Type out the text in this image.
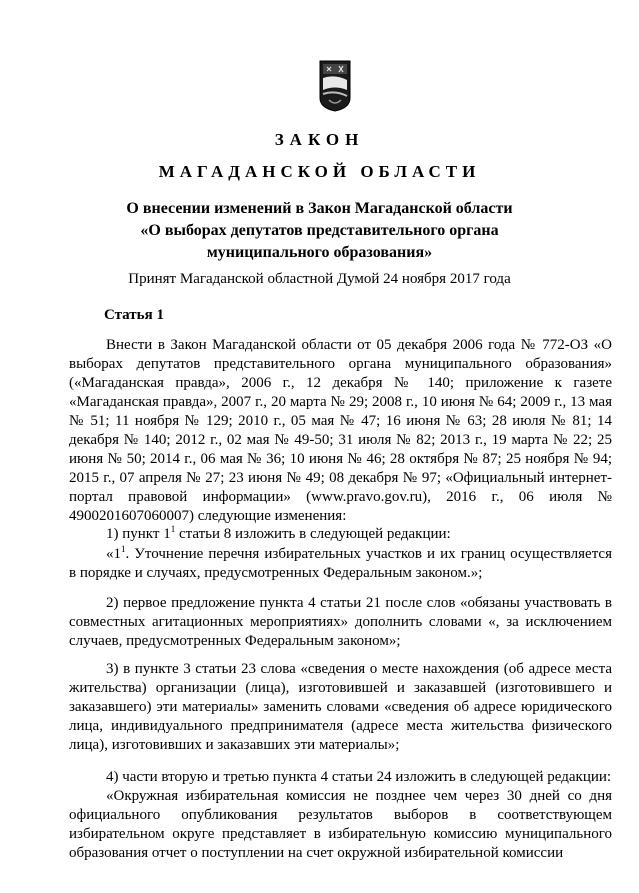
ЗАКОН

МАГАДАНСКОЙ ОБЛАСТИ

О внесении изменений в Закон Магаданской области
«О выборах депутатов представительного органа
муниципального образования»

Принят Магаданской областной Думой 24 ноября 2017 года

Статья 1

Внести в Закон Магаданской области от 05 декабря 2006 года № 772-ОЗ «О выборах депутатов представительного органа муниципального образования» («Магаданская правда», 2006 г., 12 декабря № 140; приложение к газете «Магаданская правда», 2007 г., 20 марта № 29; 2008 г., 10 июня № 64; 2009 г., 13 мая № 51; 11 ноября № 129; 2010 г., 05 мая № 47; 16 июня № 63; 28 июля № 81; 14 декабря № 140; 2012 г., 02 мая № 49-50; 31 июля № 82; 2013 г., 19 марта № 22; 25 июня № 50; 2014 г., 06 мая № 36; 10 июня № 46; 28 октября № 87; 25 ноября № 94; 2015 г., 07 апреля № 27; 23 июня № 49; 08 декабря № 97; «Официальный интернет-портал правовой информации» (www.pravo.gov.ru), 2016 г., 06 июля № 4900201607060007) следующие изменения:

1) пункт $1^1$ статьи 8 изложить в следующей редакции:

«$1^1$. Уточнение перечня избирательных участков и их границ осуществляется в порядке и случаях, предусмотренных Федеральным законом.»;

2) первое предложение пункта 4 статьи 21 после слов «обязаны участвовать в совместных агитационных мероприятиях» дополнить словами «, за исключением случаев, предусмотренных Федеральным законом»;

3) в пункте 3 статьи 23 слова «сведения о месте нахождения (об адресе места жительства) организации (лица), изготовившей и заказавшей (изготовившего и заказавшего) эти материалы» заменить словами «сведения об адресе юридического лица, индивидуального предпринимателя (адресе места жительства физического лица), изготовивших и заказавших эти материалы»;

4) части вторую и третью пункта 4 статьи 24 изложить в следующей редакции:

«Окружная избирательная комиссия не позднее чем через 30 дней со дня официального опубликования результатов выборов в соответствующем избирательном округе представляет в избирательную комиссию муниципального образования отчет о поступлении на счет окружной избирательной комиссии
